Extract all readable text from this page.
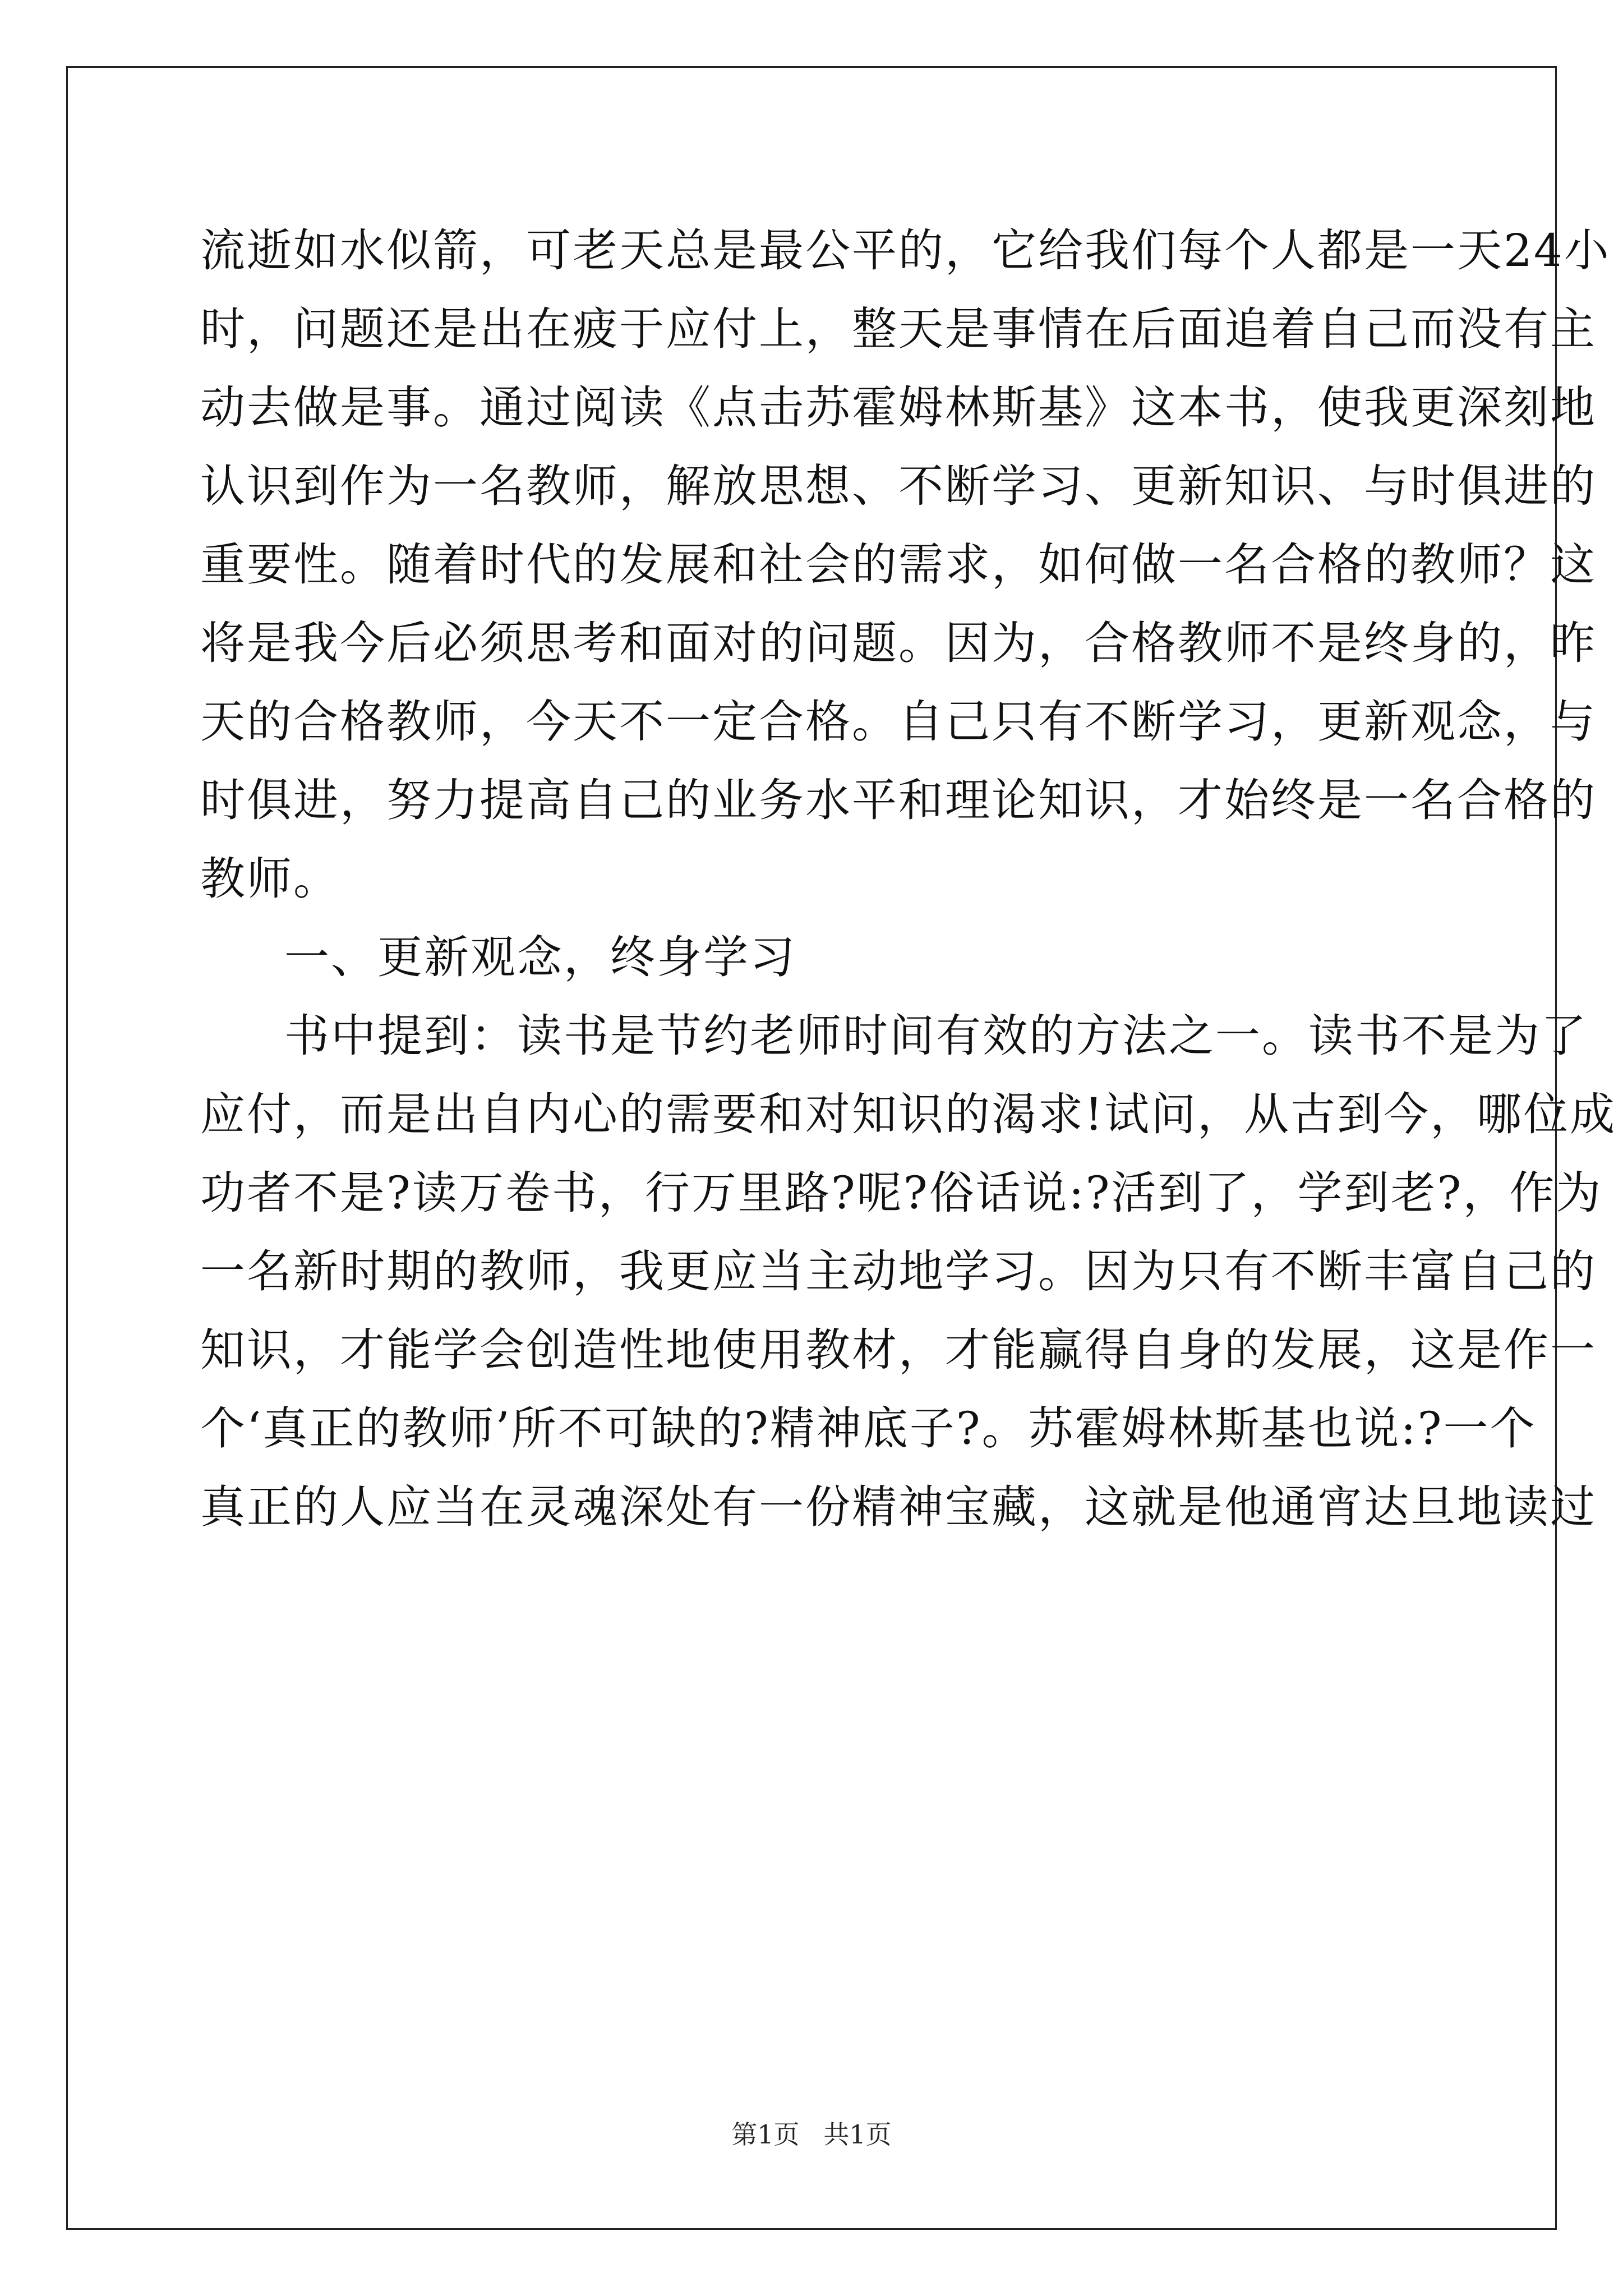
流逝如水似箭，可老天总是最公平的，它给我们每个人都是一天24小
时，问题还是出在疲于应付上，整天是事情在后面追着自己而没有主
动去做是事。通过阅读《点击苏霍姆林斯基》这本书，使我更深刻地
认识到作为一名教师，解放思想、不断学习、更新知识、与时俱进的
重要性。随着时代的发展和社会的需求，如何做一名合格的教师？这
将是我今后必须思考和面对的问题。因为，合格教师不是终身的，昨
天的合格教师，今天不一定合格。自己只有不断学习，更新观念，与
时俱进，努力提高自己的业务水平和理论知识，才始终是一名合格的
教师。
一、更新观念，终身学习
书中提到：读书是节约老师时间有效的方法之一。读书不是为了
应付，而是出自内心的需要和对知识的渴求!试问，从古到今，哪位成
功者不是?读万卷书，行万里路?呢?俗话说:?活到了，学到老?，作为
一名新时期的教师，我更应当主动地学习。因为只有不断丰富自己的
知识，才能学会创造性地使用教材，才能赢得自身的发展，这是作一
个‘真正的教师’所不可缺的?精神底子?。苏霍姆林斯基也说:?一个
真正的人应当在灵魂深处有一份精神宝藏，这就是他通宵达旦地读过
第1页 共1页
